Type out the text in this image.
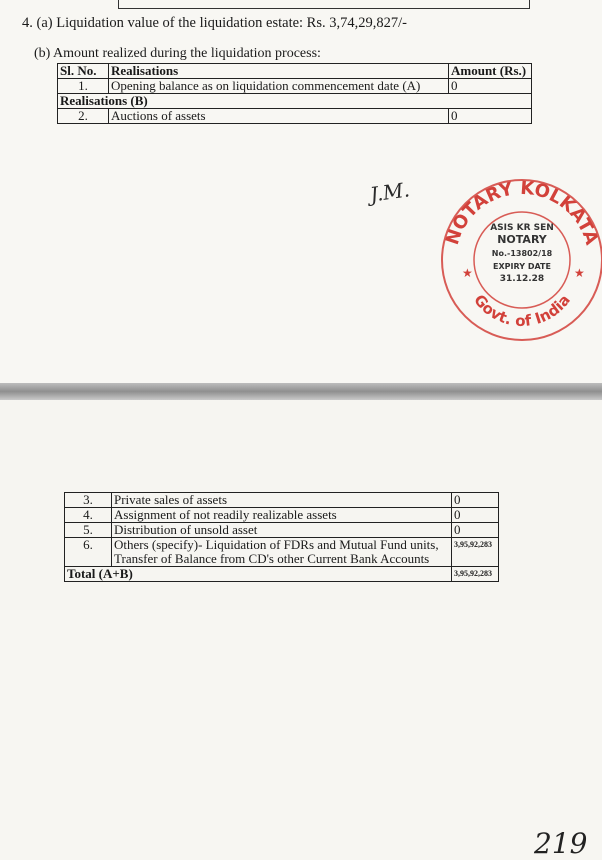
4. (a) Liquidation value of the liquidation estate: Rs. 3,74,29,827/-
(b) Amount realized during the liquidation process:
Sl. No.	Realisations	Amount (Rs.)
1.	Opening balance as on liquidation commencement date (A)	0
Realisations (B)		
2.	Auctions of assets	0
J.M.
NOTARY KOLKATA
Govt. of India
★	★
ASIS KR SEN
NOTARY
No.-13802/18
EXPIRY DATE
31.12.28
219
3.	Private sales of assets	0
4.	Assignment of not readily realizable assets	0
5.	Distribution of unsold asset	0
6.	Others (specify)- Liquidation of FDRs and Mutual Fund units,
Transfer of Balance from CD's other Current Bank Accounts	3,95,92,283
Total (A+B)		3,95,92,283
